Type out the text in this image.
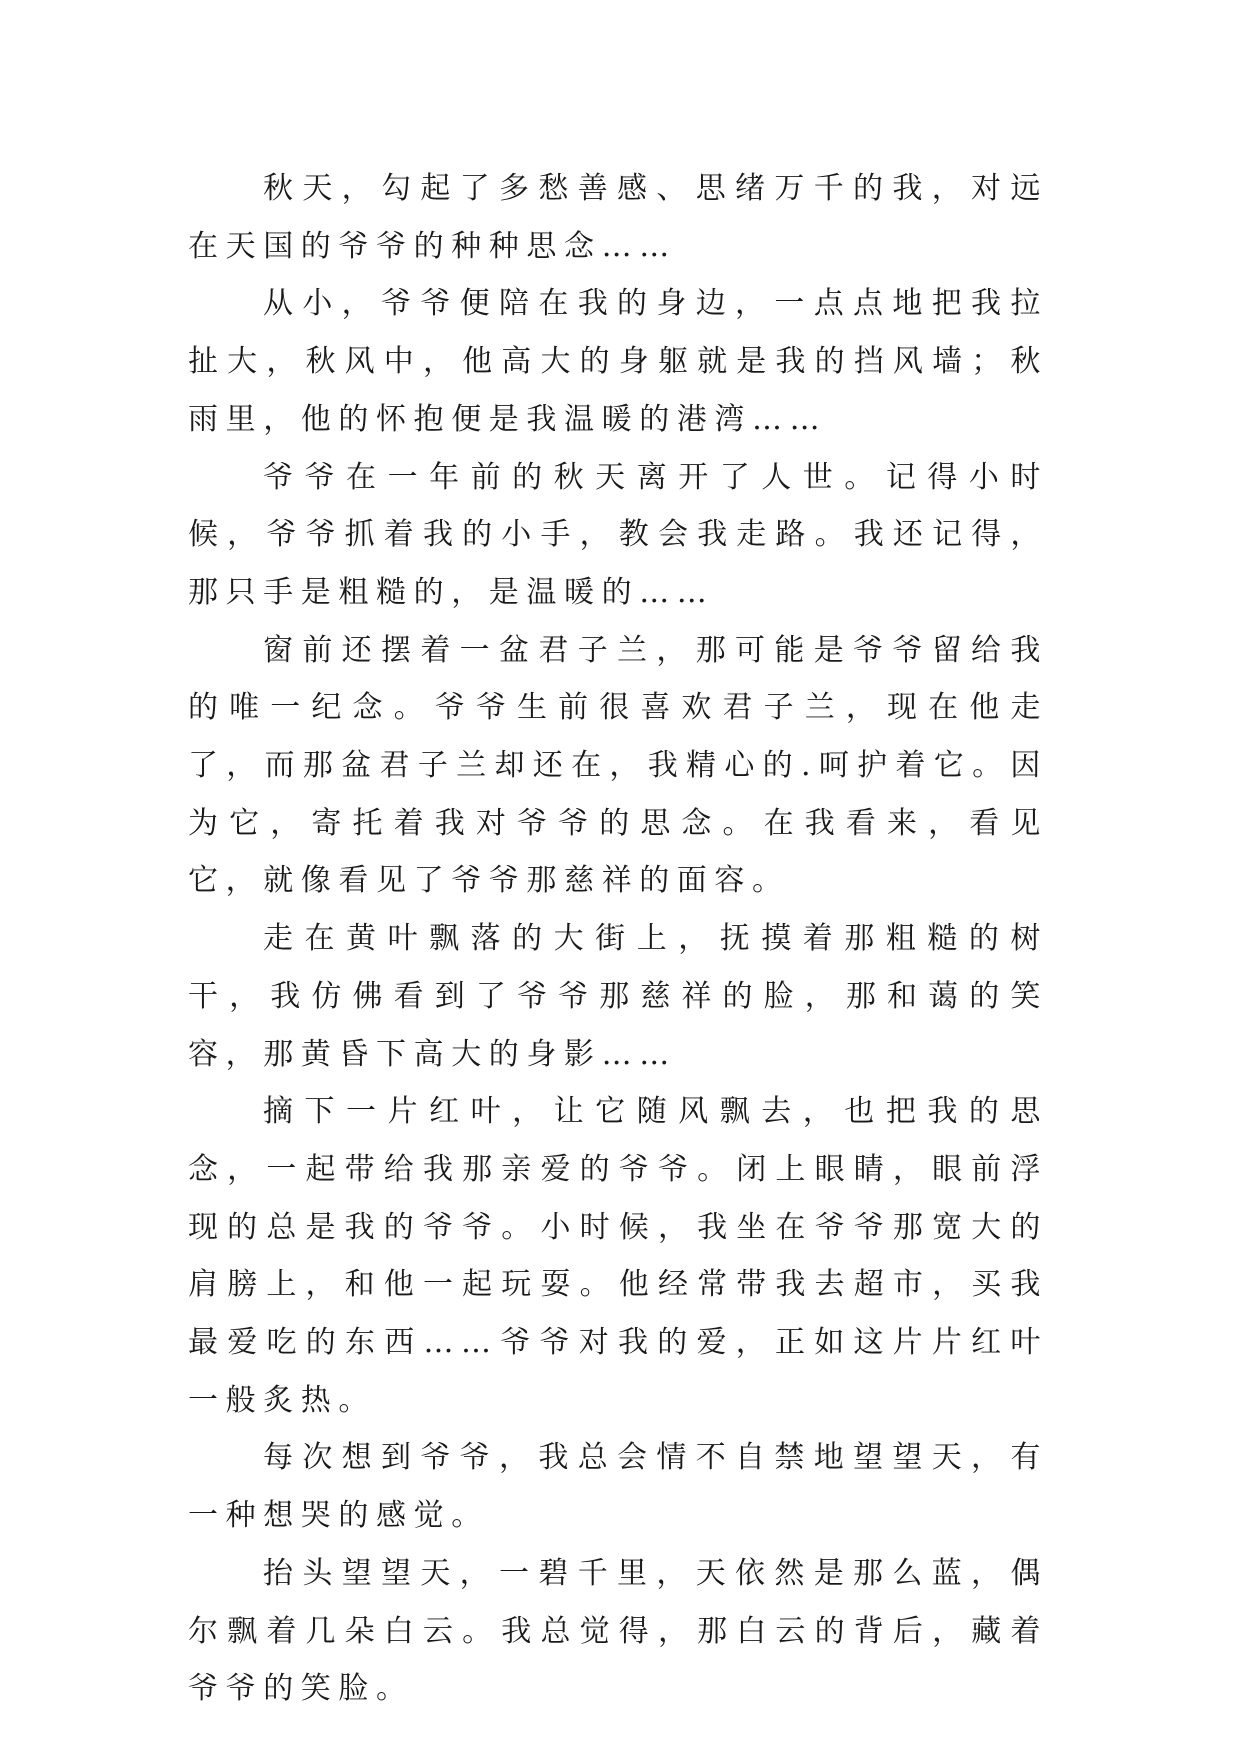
秋天，勾起了多愁善感、思绪万千的我，对远在天国的爷爷的种种思念……

从小，爷爷便陪在我的身边，一点点地把我拉扯大，秋风中，他高大的身躯就是我的挡风墙；秋雨里，他的怀抱便是我温暖的港湾……

爷爷在一年前的秋天离开了人世。记得小时候，爷爷抓着我的小手，教会我走路。我还记得，那只手是粗糙的，是温暖的……

窗前还摆着一盆君子兰，那可能是爷爷留给我的唯一纪念。爷爷生前很喜欢君子兰，现在他走了，而那盆君子兰却还在，我精心的.呵护着它。因为它，寄托着我对爷爷的思念。在我看来，看见它，就像看见了爷爷那慈祥的面容。

走在黄叶飘落的大街上，抚摸着那粗糙的树干，我仿佛看到了爷爷那慈祥的脸，那和蔼的笑容，那黄昏下高大的身影……

摘下一片红叶，让它随风飘去，也把我的思念，一起带给我那亲爱的爷爷。闭上眼睛，眼前浮现的总是我的爷爷。小时候，我坐在爷爷那宽大的肩膀上，和他一起玩耍。他经常带我去超市，买我最爱吃的东西……爷爷对我的爱，正如这片片红叶一般炙热。

每次想到爷爷，我总会情不自禁地望望天，有一种想哭的感觉。

抬头望望天，一碧千里，天依然是那么蓝，偶尔飘着几朵白云。我总觉得，那白云的背后，藏着爷爷的笑脸。
